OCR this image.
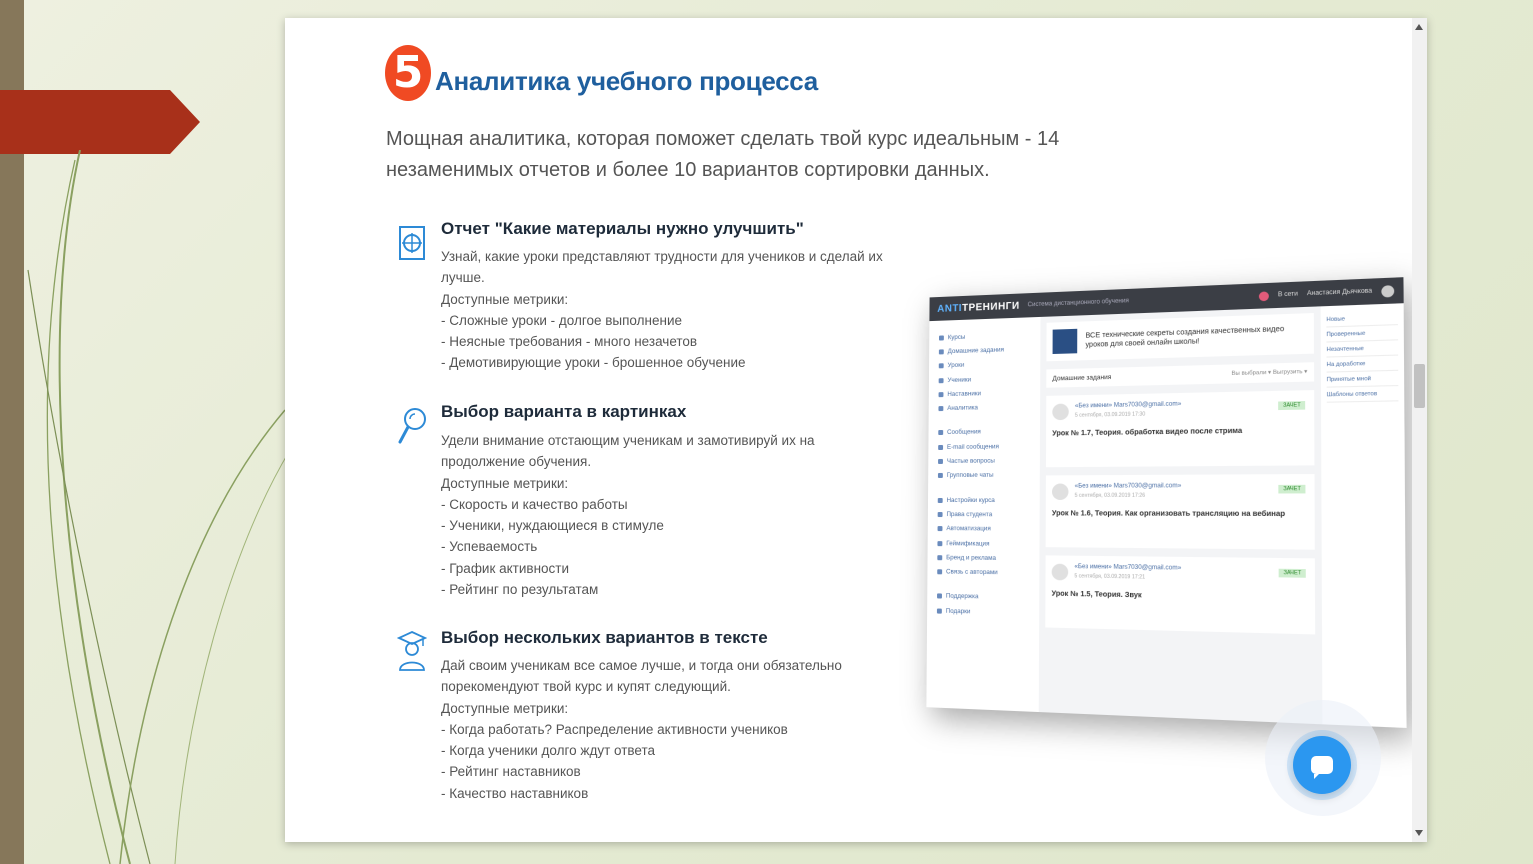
5 Аналитика учебного процесса
Мощная аналитика, которая поможет сделать твой курс идеальным - 14
незаменимых отчетов и более 10 вариантов сортировки данных.
Отчет "Какие материалы нужно улучшить"
Узнай, какие уроки представляют трудности для учеников и сделай их
лучше.
Доступные метрики:
- Сложные уроки - долгое выполнение
- Неясные требования - много незачетов
- Демотивирующие уроки - брошенное обучение
Выбор варианта в картинках
Удели внимание отстающим ученикам и замотивируй их на
продолжение обучения.
Доступные метрики:
- Скорость и качество работы
- Ученики, нуждающиеся в стимуле
- Успеваемость
- График активности
- Рейтинг по результатам
Выбор нескольких вариантов в тексте
Дай своим ученикам все самое лучше, и тогда они обязательно
порекомендуют твой курс и купят следующий.
Доступные метрики:
- Когда работать? Распределение активности учеников
- Когда ученики долго ждут ответа
- Рейтинг наставников
- Качество наставников
ANTIТРЕНИНГИ Система дистанционного обучения
В сети Анастасия Дьячкова
Курсы
Домашние задания
Уроки
Ученики
Наставники
Аналитика
Сообщения
E-mail сообщения
Частые вопросы
Групповые чаты
Настройки курса
Права студента
Автоматизация
Геймификация
Бренд и реклама
Связь с авторами
Поддержка
Подарки
ВСЕ технические секреты создания качественных видео уроков для своей онлайн школы!
Домашние задания
Вы выбрали ▾ Выгрузить ▾
«Без имени» Mars7030@gmail.com»
5 сентября, 03.09.2019 17:30
ЗАЧЕТ
Урок № 1.7, Теория. обработка видео после стрима
«Без имени» Mars7030@gmail.com»
5 сентября, 03.09.2019 17:26
ЗАЧЕТ
Урок № 1.6, Теория. Как организовать трансляцию на вебинар
«Без имени» Mars7030@gmail.com»
5 сентября, 03.09.2019 17:21
ЗАЧЕТ
Урок № 1.5, Теория. Звук
Новые
Проверенные
Незачтенные
На доработке
Принятые мной
Шаблоны ответов
